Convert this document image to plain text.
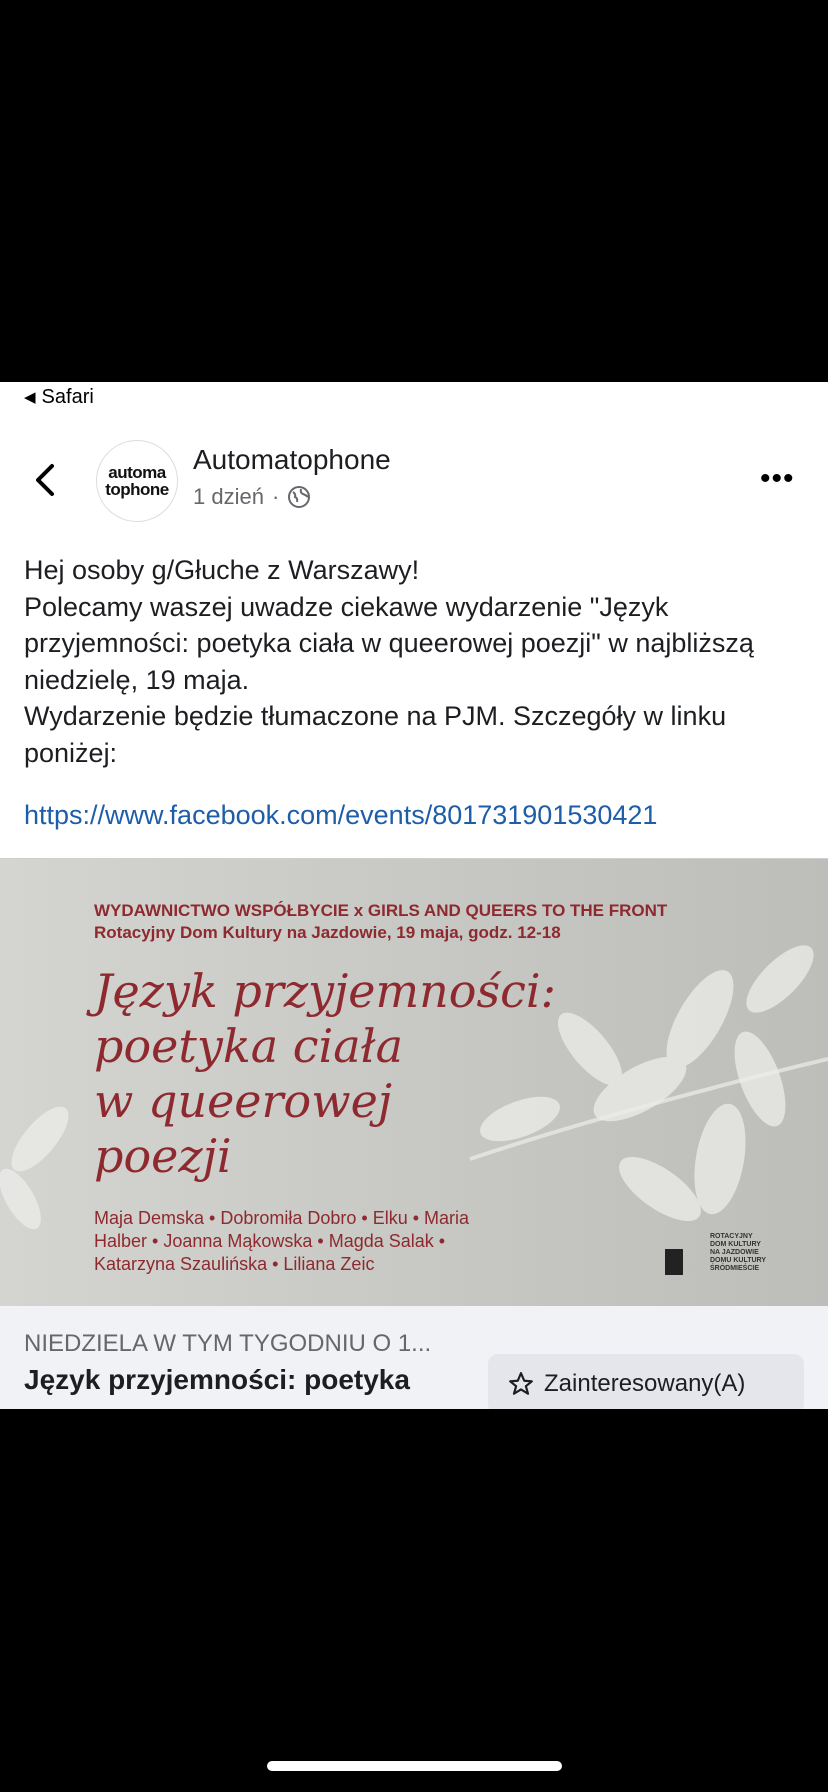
◀ Safari
automa
tophone
Automatophone
1 dzień ·
•••

Hej osoby g/Głuche z Warszawy!

Polecamy waszej uwadze ciekawe wydarzenie "Język przyjemności: poetyka ciała w queerowej poezji" w najbliższą niedzielę, 19 maja.

Wydarzenie będzie tłumaczone na PJM. Szczegóły w linku poniżej:

https://www.facebook.com/events/801731901530421
WYDAWNICTWO WSPÓŁBYCIE x GIRLS AND QUEERS TO THE FRONT
Rotacyjny Dom Kultury na Jazdowie, 19 maja, godz. 12-18
Język przyjemności:
poetyka ciała
w queerowej
poezji
Maja Demska • Dobromiła Dobro • Elku • Maria Halber • Joanna Mąkowska • Magda Salak • Katarzyna Szaulińska • Liliana Zeic
ROTACYJNY
DOM KULTURY
NA JAZDOWIE
DOMU KULTURY
ŚRÓDMIEŚCIE
NIEDZIELA W TYM TYGODNIU O 1...
Język przyjemności: poetyka	Zainteresowany(A)
